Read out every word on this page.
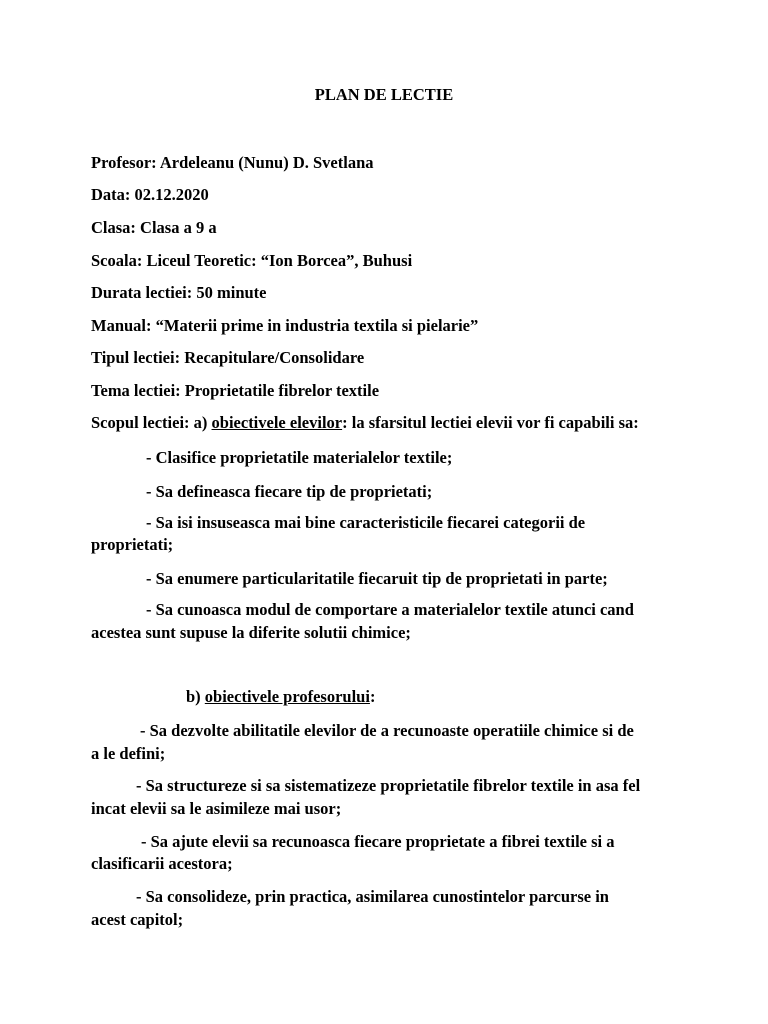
PLAN DE LECTIE
Profesor: Ardeleanu (Nunu) D. Svetlana
Data: 02.12.2020
Clasa: Clasa a 9 a
Scoala: Liceul Teoretic: “Ion Borcea”, Buhusi
Durata lectiei: 50 minute
Manual: “Materii prime in industria textila si pielarie”
Tipul lectiei: Recapitulare/Consolidare
Tema lectiei: Proprietatile fibrelor textile
Scopul lectiei: a) obiectivele elevilor: la sfarsitul lectiei elevii vor fi capabili sa:
- Clasifice proprietatile materialelor textile;
- Sa defineasca fiecare tip de proprietati;
- Sa isi insuseasca mai bine caracteristicile fiecarei categorii de
proprietati;
- Sa enumere particularitatile fiecaruit tip de proprietati in parte;
- Sa cunoasca modul de comportare a materialelor textile atunci cand
acestea sunt supuse la diferite solutii chimice;
b) obiectivele profesorului:
- Sa dezvolte abilitatile elevilor de a recunoaste operatiile chimice si de
a le defini;
- Sa structureze si sa sistematizeze proprietatile fibrelor textile in asa fel
incat elevii sa le asimileze mai usor;
- Sa ajute elevii sa recunoasca fiecare proprietate a fibrei textile si a
clasificarii acestora;
- Sa consolideze, prin practica, asimilarea cunostintelor parcurse in
acest capitol;
